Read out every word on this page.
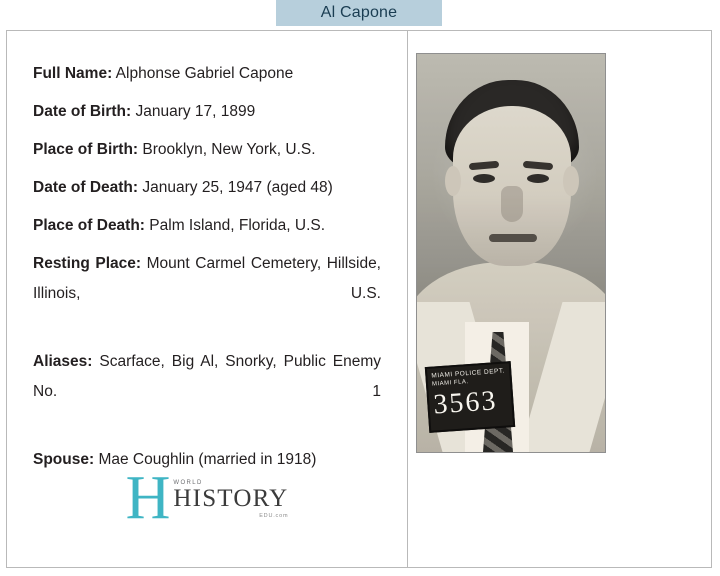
Al Capone

Full Name: Alphonse Gabriel Capone

Date of Birth: January 17, 1899

Place of Birth: Brooklyn, New York, U.S.

Date of Death: January 25, 1947 (aged 48)

Place of Death: Palm Island, Florida, U.S.

Resting Place: Mount Carmel Cemetery, Hillside, Illinois, U.S.

Aliases: Scarface, Big Al, Snorky, Public Enemy No. 1

Spouse: Mae Coughlin (married in 1918)

H WORLD
HISTORY
EDU.com
MIAMI POLICE DEPT.
MIAMI FLA.
3563
